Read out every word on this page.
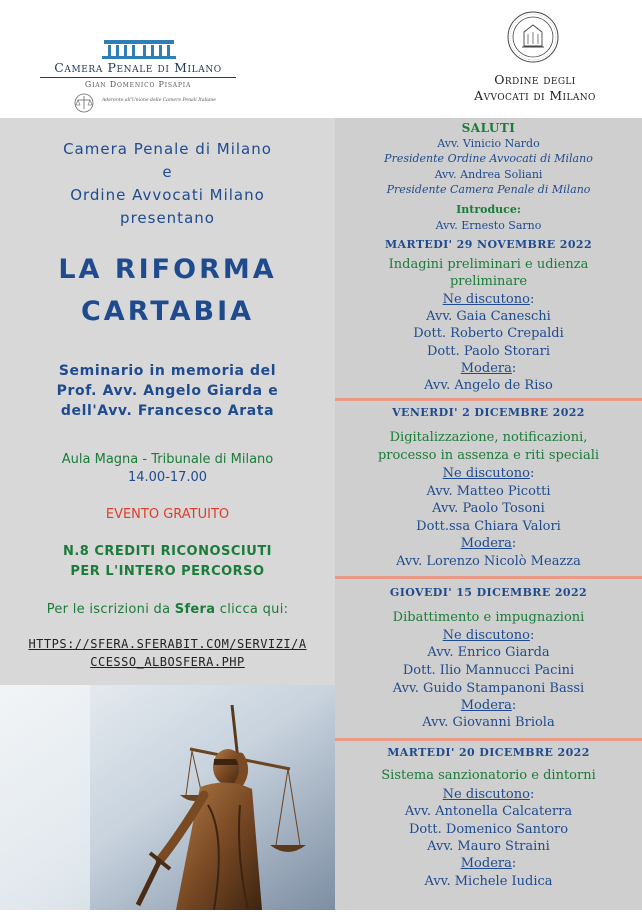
Camera Penale di Milano
Gian Domenico Pisapia
Aderente all'Unione delle Camere Penali Italiane
Ordine degli
Avvocati di Milano
Camera Penale di Milano
e
Ordine Avvocati Milano
presentano
LA RIFORMA
CARTABIA
Seminario in memoria del
Prof. Avv. Angelo Giarda e
dell'Avv. Francesco Arata
Aula Magna - Tribunale di Milano
14.00-17.00
EVENTO GRATUITO
N.8 CREDITI RICONOSCIUTI
PER L'INTERO PERCORSO
Per le iscrizioni da Sfera clicca qui:
HTTPS://SFERA.SFERABIT.COM/SERVIZI/A
CCESSO_ALBOSFERA.PHP
SALUTI
Avv. Vinicio Nardo
Presidente Ordine Avvocati di Milano
Avv. Andrea Soliani
Presidente Camera Penale di Milano
Introduce:
Avv. Ernesto Sarno
MARTEDI' 29 NOVEMBRE 2022
Indagini preliminari e udienza
preliminare
Ne discutono:
Avv. Gaia Caneschi
Dott. Roberto Crepaldi
Dott. Paolo Storari
Modera:
Avv. Angelo de Riso
VENERDI' 2 DICEMBRE 2022
Digitalizzazione, notificazioni,
processo in assenza e riti speciali
Ne discutono:
Avv. Matteo Picotti
Avv. Paolo Tosoni
Dott.ssa Chiara Valori
Modera:
Avv. Lorenzo Nicolò Meazza
GIOVEDI' 15 DICEMBRE 2022
Dibattimento e impugnazioni
Ne discutono:
Avv. Enrico Giarda
Dott. Ilio Mannucci Pacini
Avv. Guido Stampanoni Bassi
Modera:
Avv. Giovanni Briola
MARTEDI' 20 DICEMBRE 2022
Sistema sanzionatorio e dintorni
Ne discutono:
Avv. Antonella Calcaterra
Dott. Domenico Santoro
Avv. Mauro Straini
Modera:
Avv. Michele Iudica
